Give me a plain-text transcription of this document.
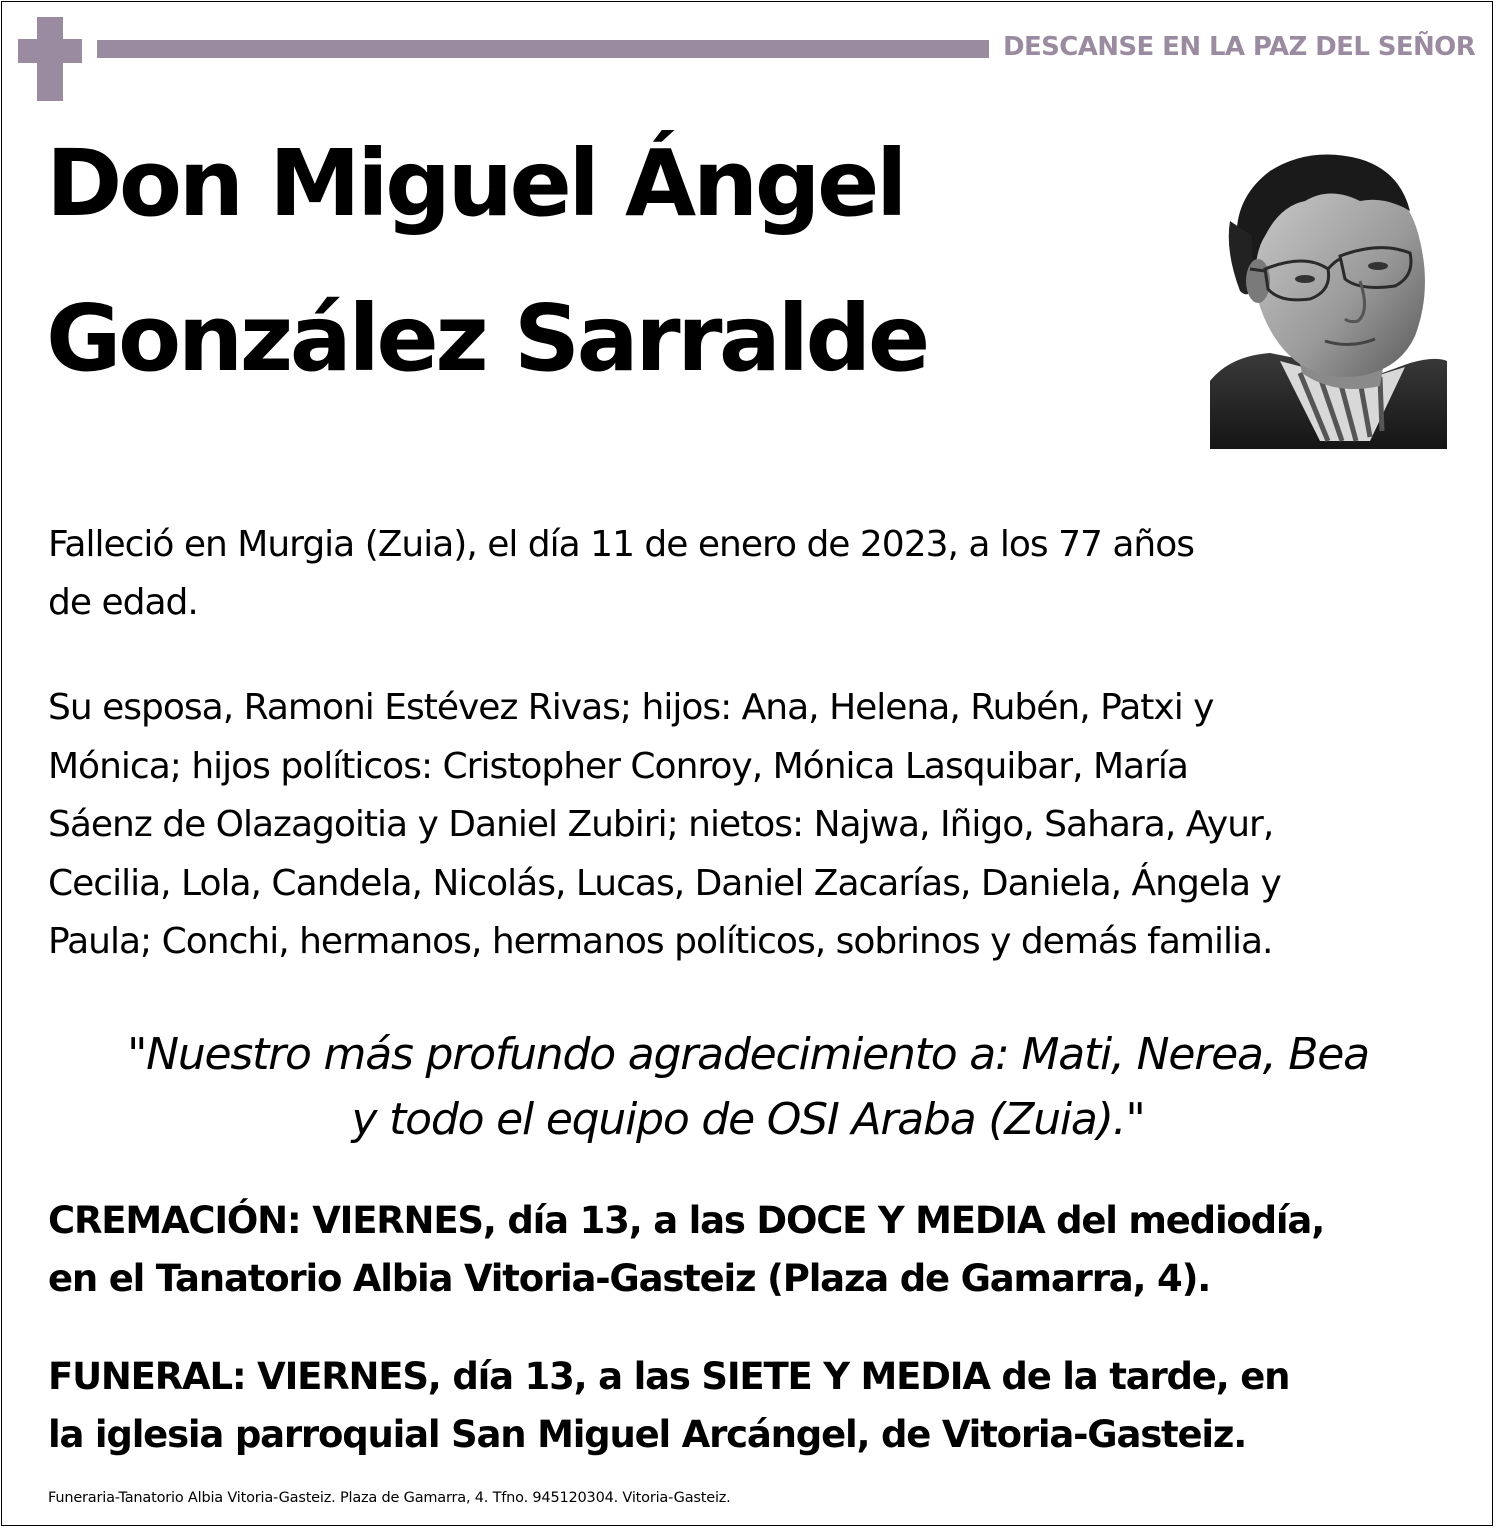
DESCANSE EN LA PAZ DEL SEÑOR
Don Miguel Ángel
González Sarralde
Falleció en Murgia (Zuia), el día 11 de enero de 2023, a los 77 años
de edad.
Su esposa, Ramoni Estévez Rivas; hijos: Ana, Helena, Rubén, Patxi y
Mónica; hijos políticos: Cristopher Conroy, Mónica Lasquibar, María
Sáenz de Olazagoitia y Daniel Zubiri; nietos: Najwa, Iñigo, Sahara, Ayur,
Cecilia, Lola, Candela, Nicolás, Lucas, Daniel Zacarías, Daniela, Ángela y
Paula; Conchi, hermanos, hermanos políticos, sobrinos y demás familia.
"Nuestro más profundo agradecimiento a: Mati, Nerea, Bea
y todo el equipo de OSI Araba (Zuia)."
CREMACIÓN: VIERNES, día 13, a las DOCE Y MEDIA del mediodía,
en el Tanatorio Albia Vitoria-Gasteiz (Plaza de Gamarra, 4).
FUNERAL: VIERNES, día 13, a las SIETE Y MEDIA de la tarde, en
la iglesia parroquial San Miguel Arcángel, de Vitoria-Gasteiz.
Funeraria-Tanatorio Albia Vitoria-Gasteiz. Plaza de Gamarra, 4. Tfno. 945120304. Vitoria-Gasteiz.
